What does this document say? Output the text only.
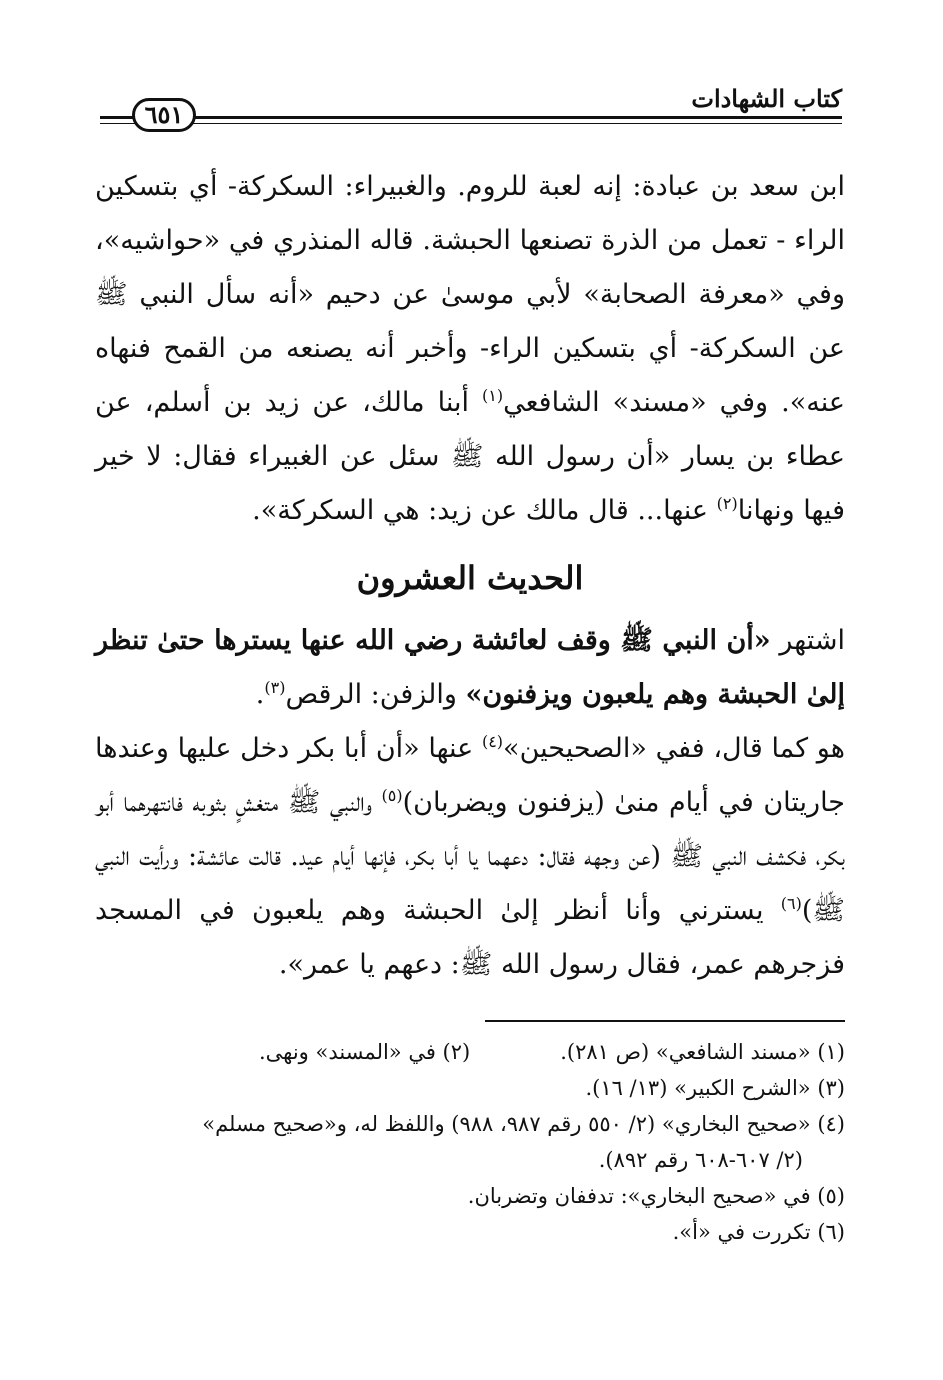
كتاب الشهادات
٦٥١

ابن سعد بن عبادة: إنه لعبة للروم. والغبيراء: السكركة- أي بتسكين الراء - تعمل من الذرة تصنعها الحبشة. قاله المنذري في «حواشيه»، وفي «معرفة الصحابة» لأبي موسىٰ عن دحيم «أنه سأل النبي ﷺ عن السكركة- أي بتسكين الراء- وأخبر أنه يصنعه من القمح فنهاه عنه». وفي «مسند» الشافعي$^{(١)}$ أبنا مالك، عن زيد بن أسلم، عن عطاء بن يسار «أن رسول الله ﷺ سئل عن الغبيراء فقال: لا خير فيها ونهانا$^{(٢)}$ عنها... قال مالك عن زيد: هي السكركة».

الحديث العشرون

اشتهر «أن النبي ﷺ وقف لعائشة رضي الله عنها يسترها حتىٰ تنظر إلىٰ الحبشة وهم يلعبون ويزفنون» والزفن: الرقص$^{(٣)}$.

هو كما قال، ففي «الصحيحين»$^{(٤)}$ عنها «أن أبا بكر دخل عليها وعندها جاريتان في أيام منىٰ (يزفنون ويضربان)$^{(٥)}$ والنبي ﷺ متغشٍ بثوبه فانتهرهما أبو بكر، فكشف النبي ﷺ (عن وجهه فقال: دعهما يا أبا بكر، فإنها أيام عيد. قالت عائشة: ورأيت النبي ﷺ)$^{(٦)}$ يسترني وأنا أنظر إلىٰ الحبشة وهم يلعبون في المسجد فزجرهم عمر، فقال رسول الله ﷺ: دعهم يا عمر».

(١) «مسند الشافعي» (ص ٢٨١).

(٢) في «المسند» ونهى.

(٣) «الشرح الكبير» (١٣/ ١٦).

(٤) «صحيح البخاري» (٢/ ٥٥٠ رقم ٩٨٧، ٩٨٨) واللفظ له، و«صحيح مسلم»

(٢/ ٦٠٧-٦٠٨ رقم ٨٩٢).

(٥) في «صحيح البخاري»: تدففان وتضربان.

(٦) تكررت في «أ».
